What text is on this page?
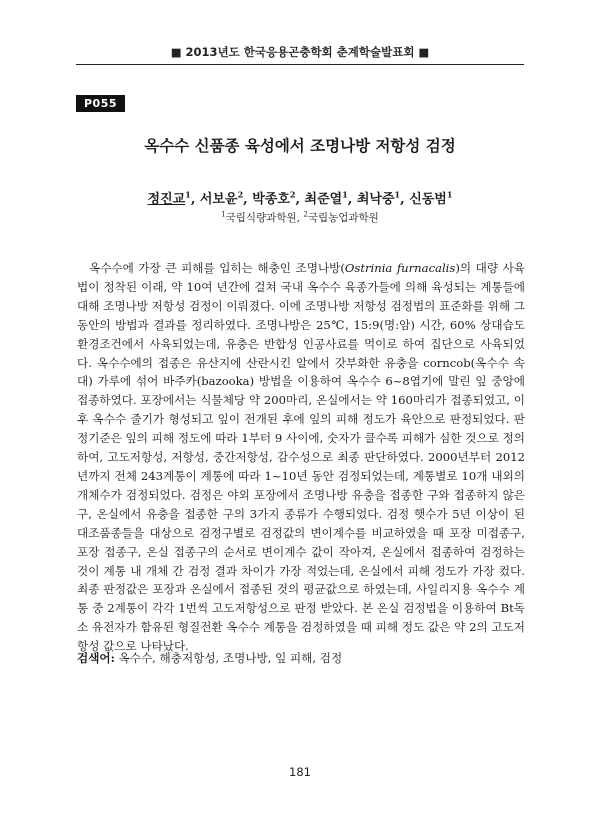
■ 2013년도 한국응용곤충학회 춘계학술발표회 ■
P055
옥수수 신품종 육성에서 조명나방 저항성 검정
정진교$^1$, 서보윤$^2$, 박종호$^2$, 최준열$^1$, 최낙중$^1$, 신동범$^1$
$^1$국립식량과학원, $^2$국립농업과학원

옥수수에 가장 큰 피해를 입히는 해충인 조명나방(Ostrinia furnacalis)의 대량 사육법이 정착된 이래, 약 10여 년간에 걸쳐 국내 옥수수 육종가들에 의해 육성되는 계통들에 대해 조명나방 저항성 검정이 이뤄졌다. 이에 조명나방 저항성 검정법의 표준화를 위해 그동안의 방법과 결과를 정리하였다. 조명나방은 25℃, 15:9(명:암) 시간, 60% 상대습도 환경조건에서 사육되었는데, 유충은 반합성 인공사료를 먹이로 하여 집단으로 사육되었다. 옥수수에의 접종은 유산지에 산란시킨 알에서 갓부화한 유충을 corncob(옥수수 속대) 가루에 섞어 바주카(bazooka) 방법을 이용하여 옥수수 6~8엽기에 말린 잎 중앙에 접종하였다. 포장에서는 식물체당 약 200마리, 온실에서는 약 160마리가 접종되었고, 이후 옥수수 줄기가 형성되고 잎이 전개된 후에 잎의 피해 정도가 육안으로 판정되었다. 판정기준은 잎의 피해 정도에 따라 1부터 9 사이에, 숫자가 클수록 피해가 심한 것으로 정의하여, 고도저항성, 저항성, 중간저항성, 감수성으로 최종 판단하였다. 2000년부터 2012년까지 전체 243계통이 계통에 따라 1~10년 동안 검정되었는데, 계통별로 10개 내외의 개체수가 검정되었다. 검정은 야외 포장에서 조명나방 유충을 접종한 구와 접종하지 않은 구, 온실에서 유충을 접종한 구의 3가지 종류가 수행되었다. 검정 햇수가 5년 이상이 된 대조품종들을 대상으로 검정구별로 검정값의 변이계수를 비교하였을 때 포장 미접종구, 포장 접종구, 온실 접종구의 순서로 변이계수 값이 작아져, 온실에서 접종하여 검정하는 것이 계통 내 개체 간 검정 결과 차이가 가장 적었는데, 온실에서 피해 정도가 가장 컸다. 최종 판정값은 포장과 온실에서 접종된 것의 평균값으로 하였는데, 사일리지용 옥수수 계통 중 2계통이 각각 1번씩 고도저항성으로 판정 받았다. 본 온실 검정법을 이용하여 Bt독소 유전자가 함유된 형질전환 옥수수 계통을 검정하였을 때 피해 정도 값은 약 2의 고도저항성 값으로 나타났다.

검색어: 옥수수, 해충저항성, 조명나방, 잎 피해, 검정
181
